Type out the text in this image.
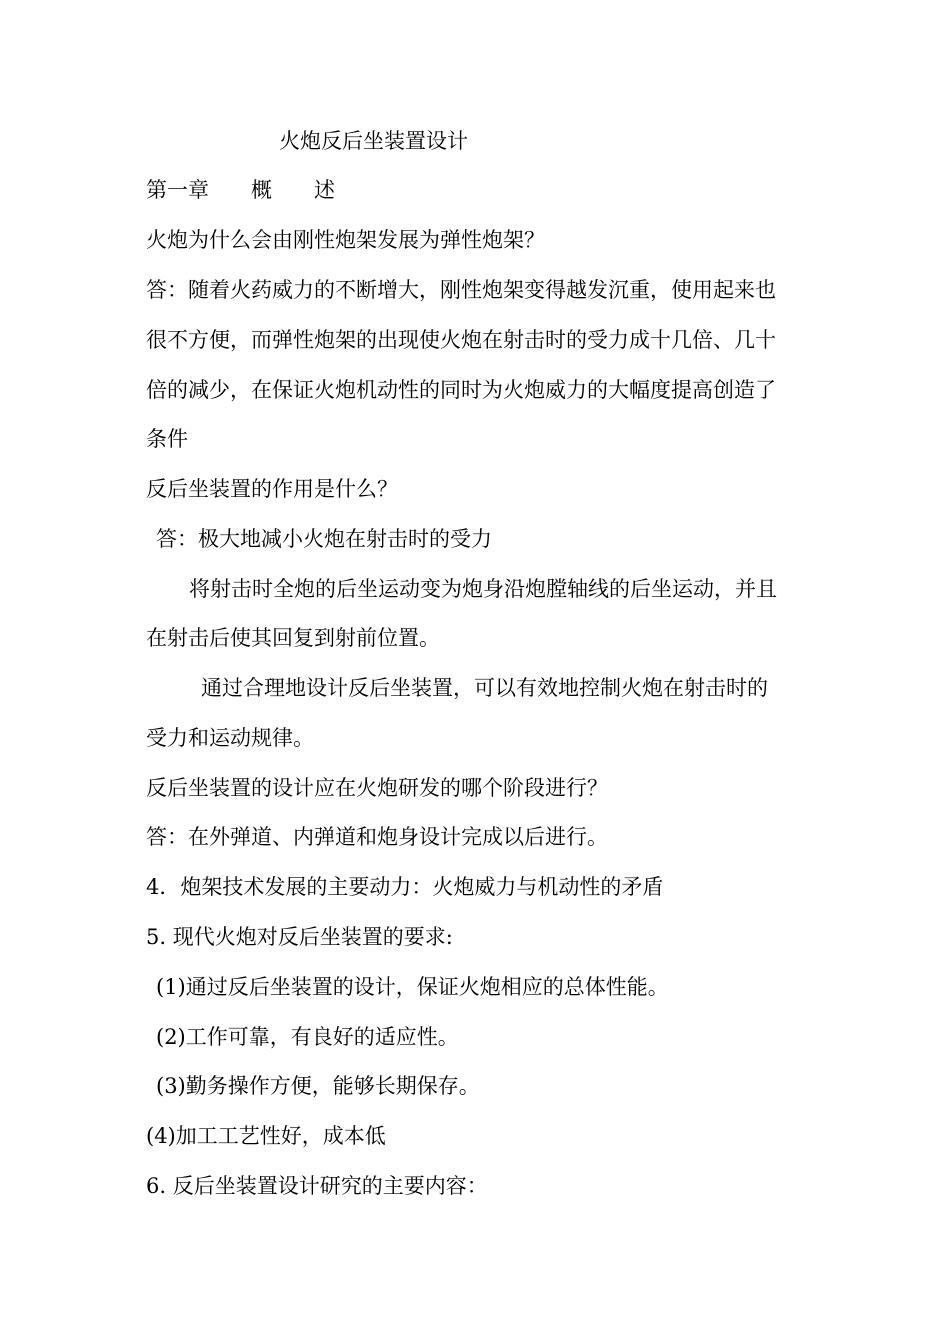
火炮反后坐装置设计
第一章　　概　　述
火炮为什么会由刚性炮架发展为弹性炮架？
答：随着火药威力的不断增大，刚性炮架变得越发沉重，使用起来也
很不方便，而弹性炮架的出现使火炮在射击时的受力成十几倍、几十
倍的减少，在保证火炮机动性的同时为火炮威力的大幅度提高创造了
条件
反后坐装置的作用是什么？
答：极大地减小火炮在射击时的受力
将射击时全炮的后坐运动变为炮身沿炮膛轴线的后坐运动，并且
在射击后使其回复到射前位置。
通过合理地设计反后坐装置，可以有效地控制火炮在射击时的
受力和运动规律。
反后坐装置的设计应在火炮研发的哪个阶段进行？
答：在外弹道、内弹道和炮身设计完成以后进行。
4．炮架技术发展的主要动力：火炮威力与机动性的矛盾
5. 现代火炮对反后坐装置的要求:
(1)通过反后坐装置的设计，保证火炮相应的总体性能。
(2)工作可靠，有良好的适应性。
(3)勤务操作方便，能够长期保存。
(4)加工工艺性好，成本低
6. 反后坐装置设计研究的主要内容：
